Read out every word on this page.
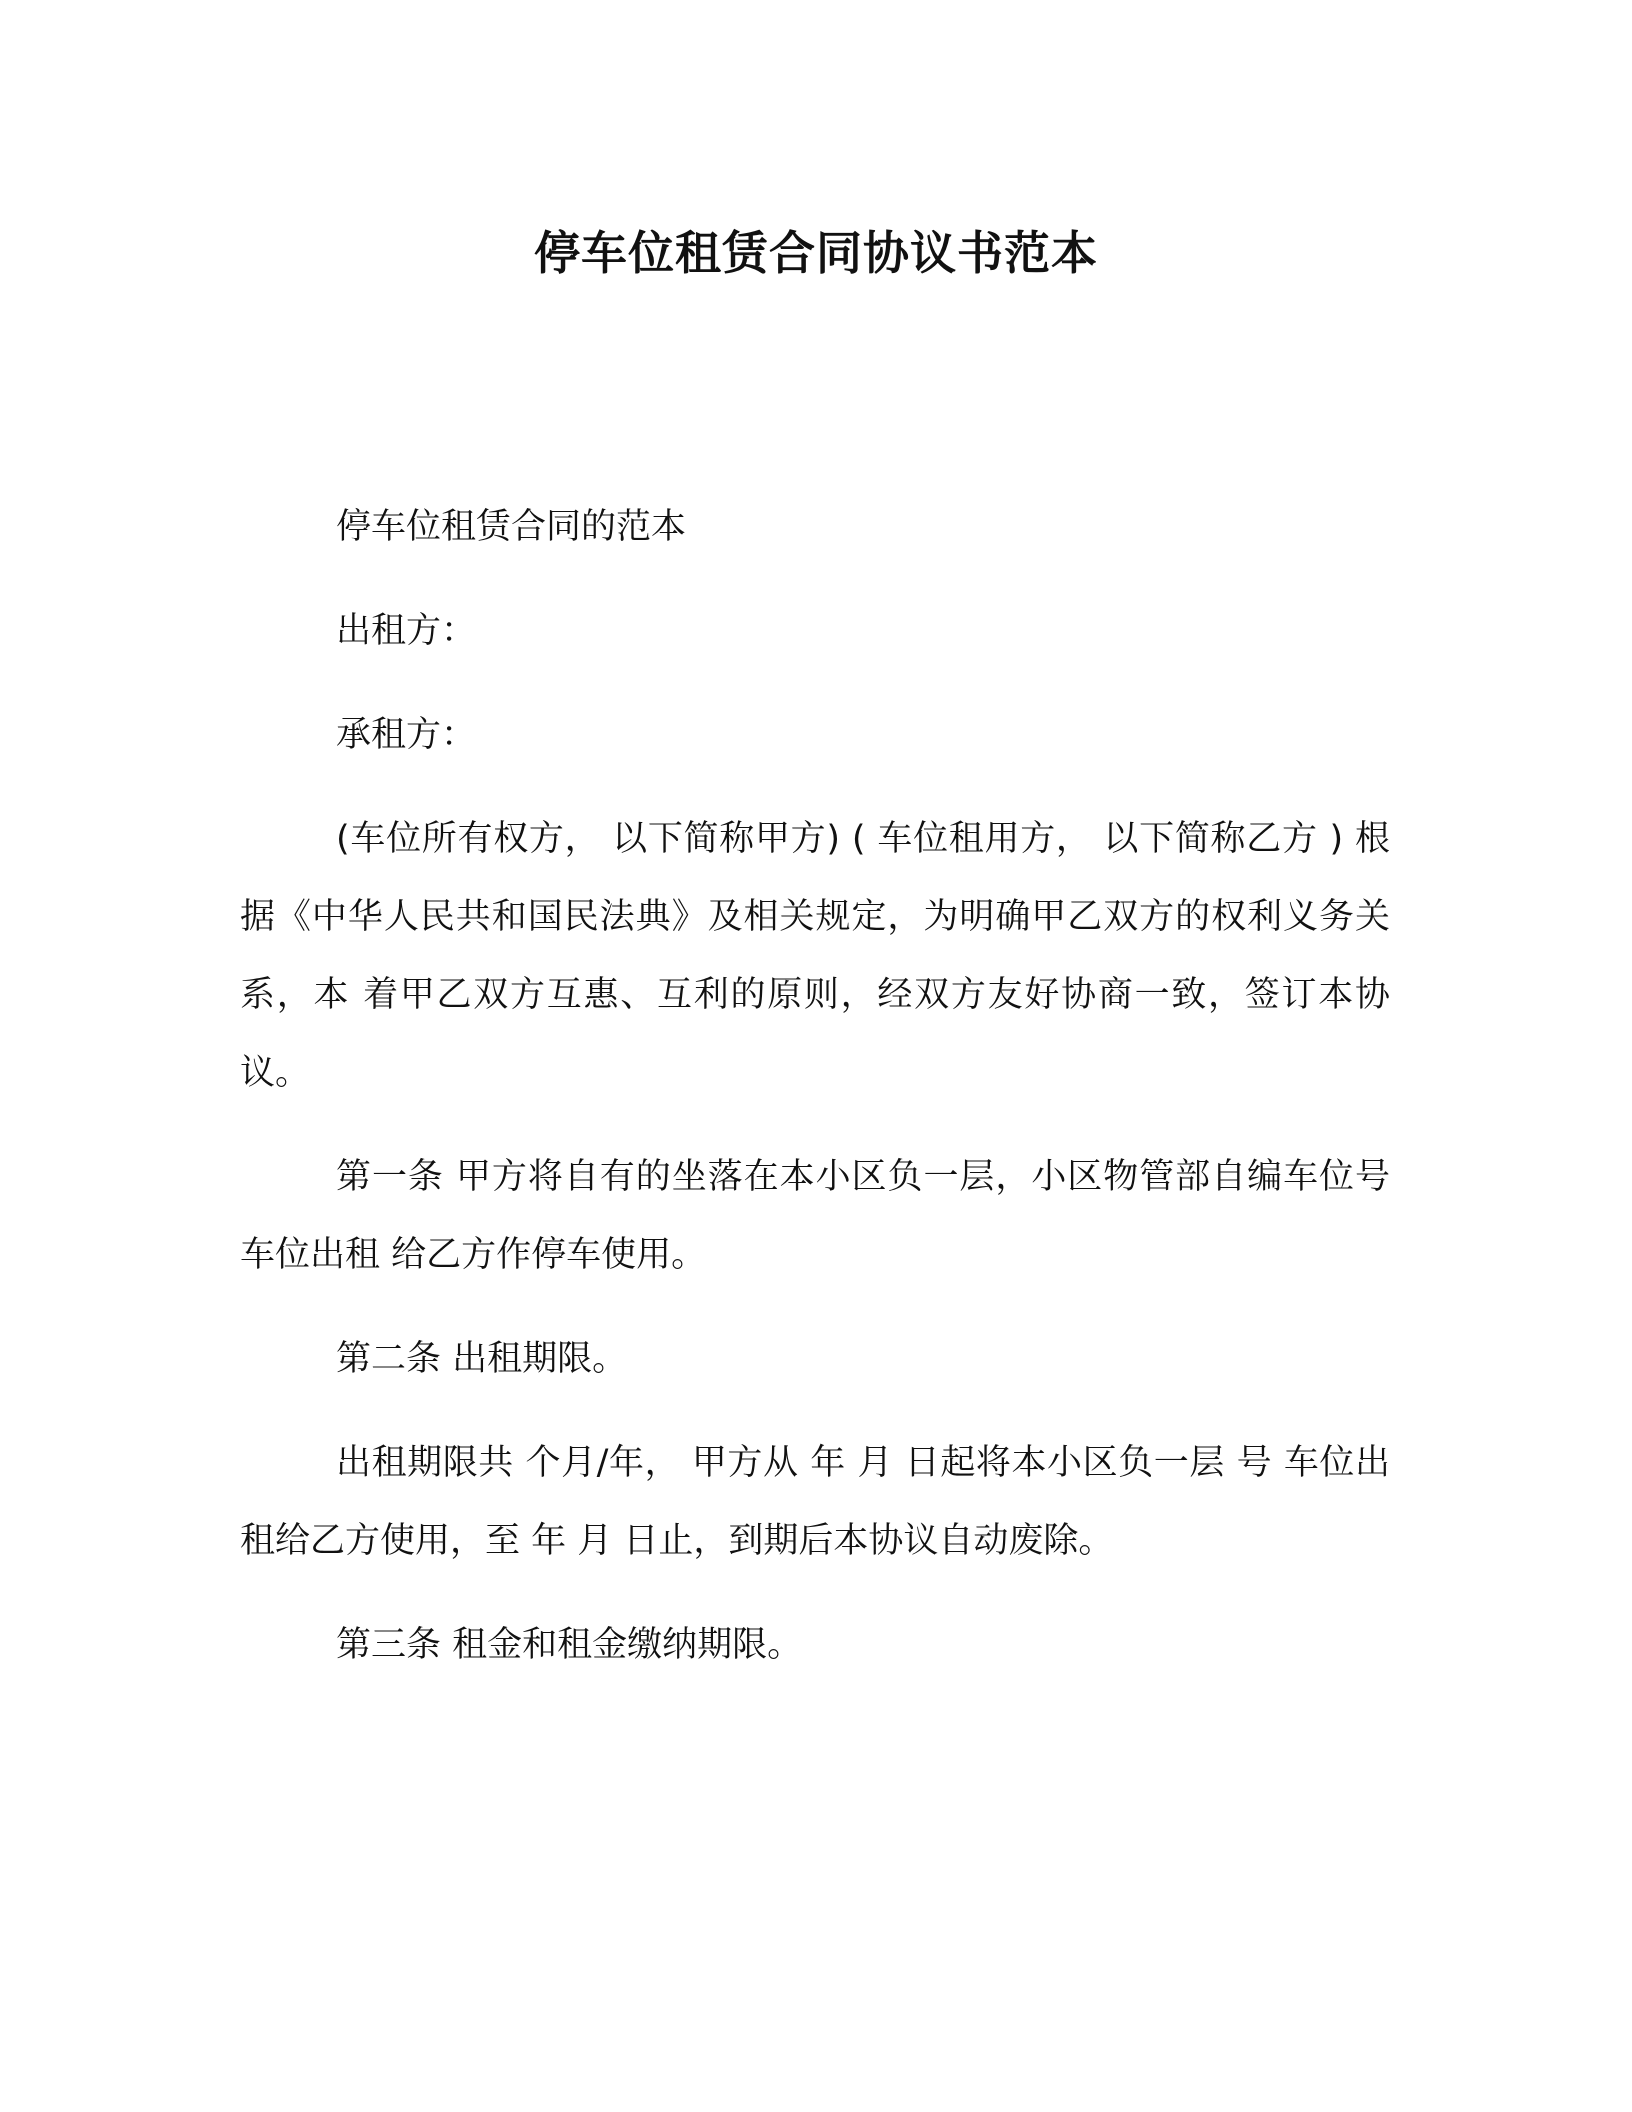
停车位租赁合同协议书范本

停车位租赁合同的范本

出租方：

承租方：

(车位所有权方， 以下简称甲方) ( 车位租用方， 以下简称乙方 ) 根据《中华人民共和国民法典》及相关规定，为明确甲乙双方的权利义务关系，本 着甲乙双方互惠、互利的原则，经双方友好协商一致，签订本协议。

第一条 甲方将自有的坐落在本小区负一层，小区物管部自编车位号 车位出租 给乙方作停车使用。

第二条 出租期限。

出租期限共 个月/年， 甲方从 年 月 日起将本小区负一层 号 车位出租给乙方使用，至 年 月 日止，到期后本协议自动废除。

第三条 租金和租金缴纳期限。
